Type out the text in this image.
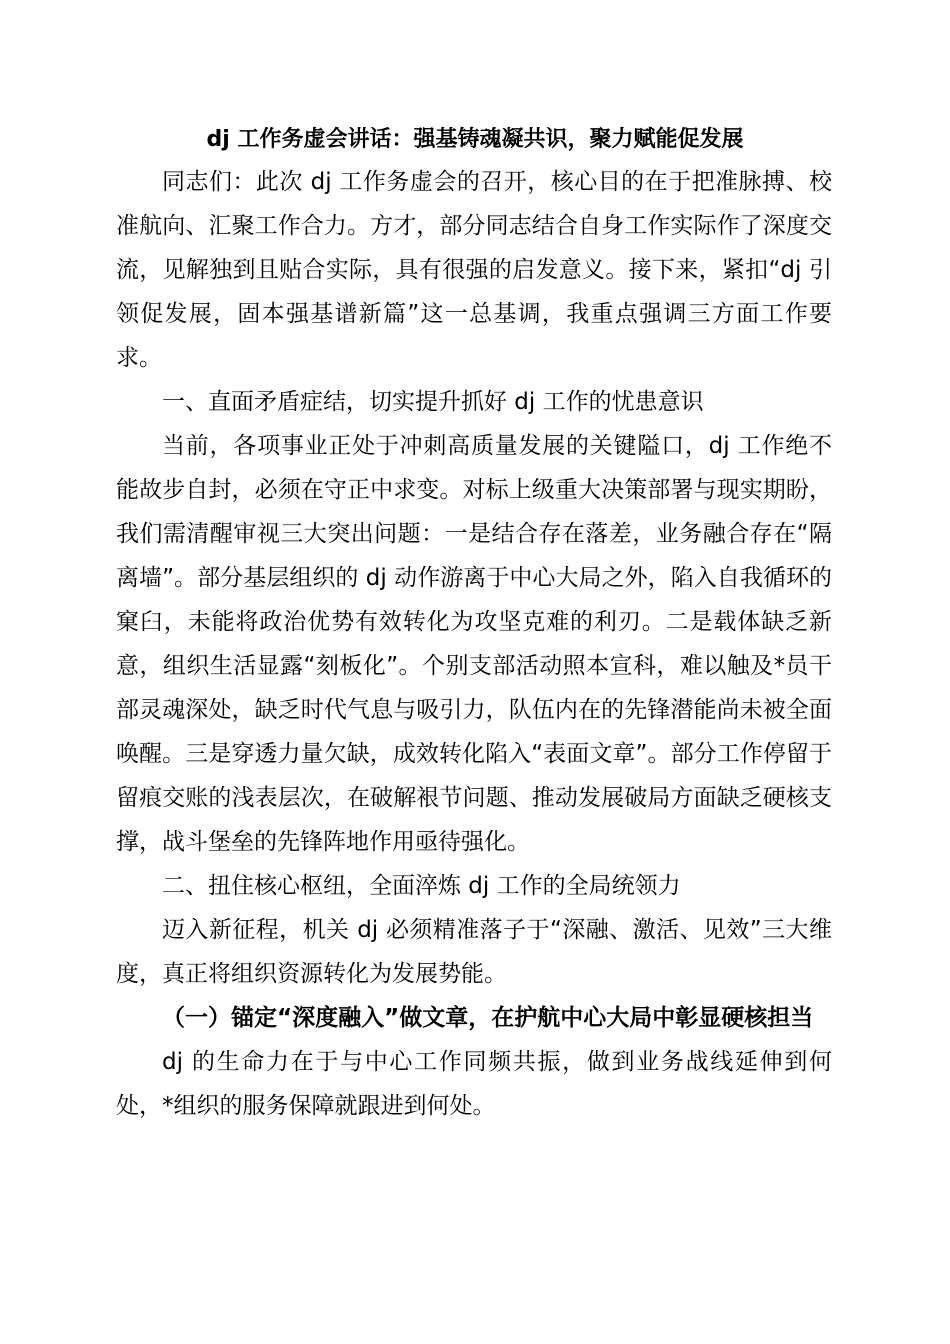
dj 工作务虚会讲话：强基铸魂凝共识，聚力赋能促发展

同志们：此次 dj 工作务虚会的召开，核心目的在于把准脉搏、校准航向、汇聚工作合力。方才，部分同志结合自身工作实际作了深度交流，见解独到且贴合实际，具有很强的启发意义。接下来，紧扣“dj 引领促发展，固本强基谱新篇”这一总基调，我重点强调三方面工作要求。

一、直面矛盾症结，切实提升抓好 dj 工作的忧患意识

当前，各项事业正处于冲刺高质量发展的关键隘口，dj 工作绝不能故步自封，必须在守正中求变。对标上级重大决策部署与现实期盼，我们需清醒审视三大突出问题：一是结合存在落差，业务融合存在“隔离墙”。部分基层组织的 dj 动作游离于中心大局之外，陷入自我循环的窠臼，未能将政治优势有效转化为攻坚克难的利刃。二是载体缺乏新意，组织生活显露“刻板化”。个别支部活动照本宣科，难以触及*员干部灵魂深处，缺乏时代气息与吸引力，队伍内在的先锋潜能尚未被全面唤醒。三是穿透力量欠缺，成效转化陷入“表面文章”。部分工作停留于留痕交账的浅表层次，在破解裉节问题、推动发展破局方面缺乏硬核支撑，战斗堡垒的先锋阵地作用亟待强化。

二、扭住核心枢纽，全面淬炼 dj 工作的全局统领力

迈入新征程，机关 dj 必须精准落子于“深融、激活、见效”三大维度，真正将组织资源转化为发展势能。

（一）锚定“深度融入”做文章，在护航中心大局中彰显硬核担当

dj 的生命力在于与中心工作同频共振，做到业务战线延伸到何处，*组织的服务保障就跟进到何处。
